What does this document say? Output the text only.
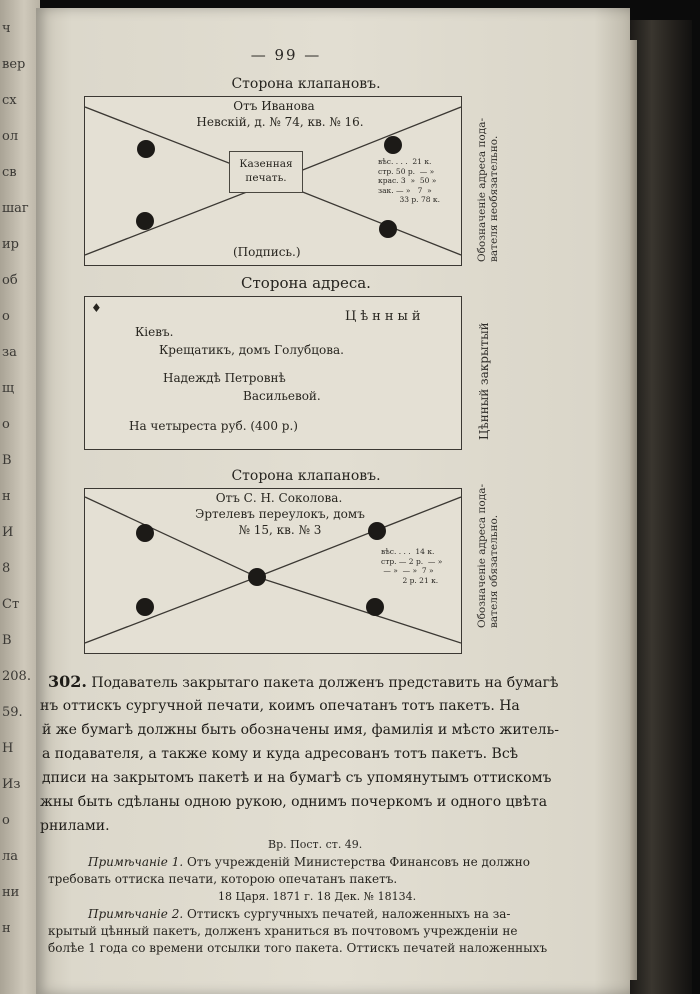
ч
вер
сх
ол
св
шаг
ир
об
о
за
щ
о
В
н
И
8
Ст
В
208.
59.
Н
Из
о
ла
ни
н
— 99 —
Сторона клапановъ.
Отъ Иванова
Невскій, д. № 74, кв. № 16.
Казенная печать.
вѣс. . . .  21 к.
стр. 50 р.  — »
крас. 3  »  50 »
зак. — »   7  »
33 р. 78 к.
(Подпись.)	Обозначеніе адреса пода- вателя необязательно.
Сторона адреса.
♦
Цѣнный
Кіевъ.
Крещатикъ, домъ Голубцова.
Надеждѣ Петровнѣ
Васильевой.
На четыреста руб. (400 р.)	Цѣнный закрытый
Сторона клапановъ.
Отъ С. Н. Соколова.
Эртелевъ переулокъ, домъ
№ 15, кв. № 3
вѣс. . . .  14 к.
стр. — 2 р.  — »
— »  — »  7 »
2 р. 21 к.	Обозначеніе адреса пода- вателя обязательно.
302. Подаватель закрытаго пакета долженъ представить на бумагѣ
нъ оттискъ сургучной печати, коимъ опечатанъ тотъ пакетъ. На
й же бумагѣ должны быть обозначены имя, фамилія и мѣсто житель-
а подавателя, а также кому и куда адресованъ тотъ пакетъ. Всѣ
дписи на закрытомъ пакетѣ и на бумагѣ съ упомянутымъ оттискомъ
жны быть сдѣланы одною рукою, однимъ почеркомъ и одного цвѣта
рнилами.
Вр. Пост. ст. 49.
Примѣчаніе 1. Отъ учрежденій Министерства Финансовъ не должно
требовать оттиска печати, которою опечатанъ пакетъ.
18 Царя. 1871 г. 18 Дек. № 18134.
Примѣчаніе 2. Оттискъ сургучныхъ печатей, наложенныхъ на за-
крытый цѣнный пакетъ, долженъ храниться въ почтовомъ учрежденіи не
болѣе 1 года со времени отсылки того пакета. Оттискъ печатей наложенныхъ
